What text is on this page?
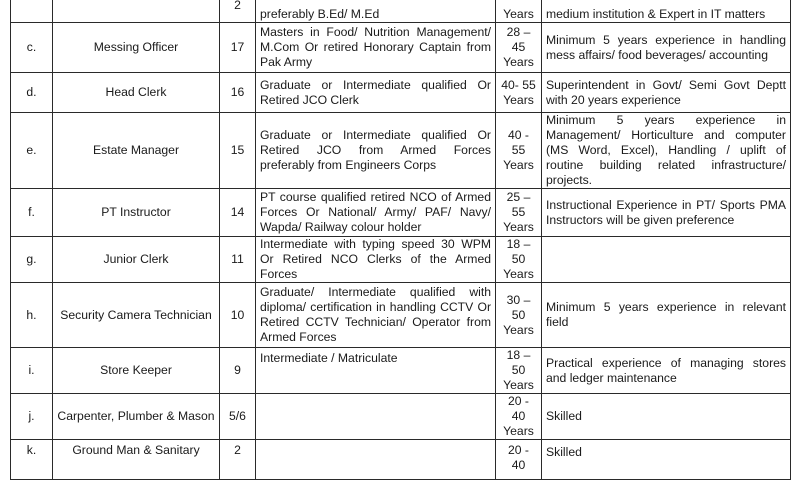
		2	preferably B.Ed/ M.Ed	Years	medium institution & Expert in IT matters
c.	Messing Officer	17	Masters in Food/ Nutrition Management/ M.Com Or retired Honorary Captain from Pak Army	28 – 45 Years	Minimum 5 years experience in handling mess affairs/ food beverages/ accounting
d.	Head Clerk	16	Graduate or Intermediate qualified Or Retired JCO Clerk	40- 55 Years	Superintendent in Govt/ Semi Govt Deptt with 20 years experience
e.	Estate Manager	15	Graduate or Intermediate qualified Or Retired JCO from Armed Forces preferably from Engineers Corps	40 - 55 Years	Minimum 5 years experience in Management/ Horticulture and computer (MS Word, Excel), Handling / uplift of routine building related infrastructure/ projects.
f.	PT Instructor	14	PT course qualified retired NCO of Armed Forces Or National/ Army/ PAF/ Navy/ Wapda/ Railway colour holder	25 – 55 Years	Instructional Experience in PT/ Sports PMA Instructors will be given preference
g.	Junior Clerk	11	Intermediate with typing speed 30 WPM Or Retired NCO Clerks of the Armed Forces	18 – 50 Years	
h.	Security Camera Technician	10	Graduate/ Intermediate qualified with diploma/ certification in handling CCTV Or Retired CCTV Technician/ Operator from Armed Forces	30 – 50 Years	Minimum 5 years experience in relevant field
i.	Store Keeper	9	Intermediate / Matriculate	18 – 50 Years	Practical experience of managing stores and ledger maintenance
j.	Carpenter, Plumber & Mason	5/6		20 - 40 Years	Skilled
k.	Ground Man & Sanitary	2		20 - 40	Skilled
